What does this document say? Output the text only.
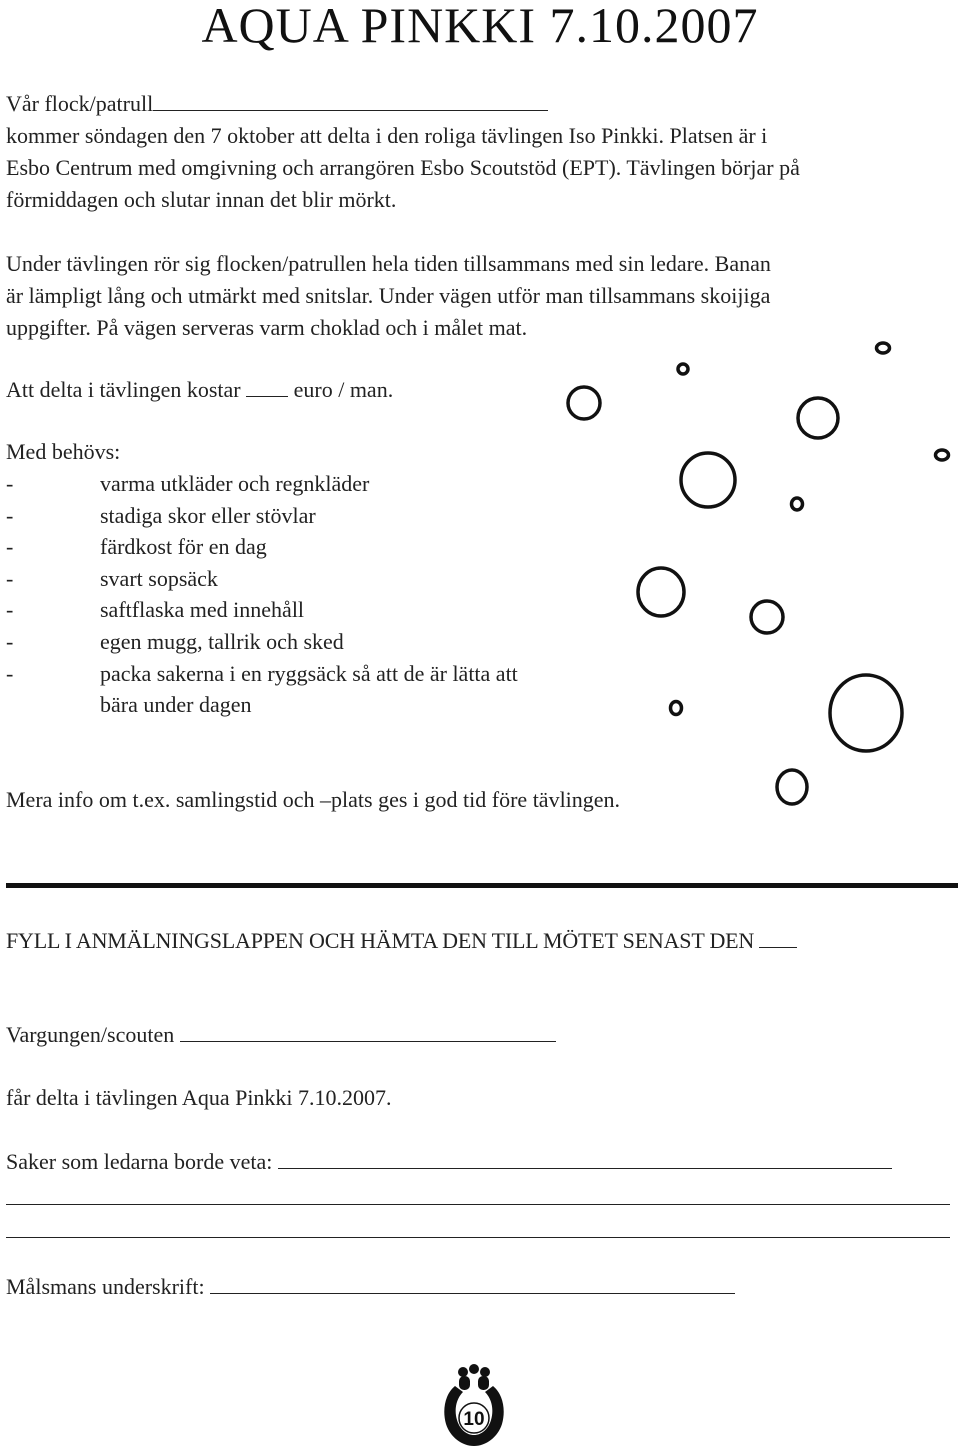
AQUA PINKKI 7.10.2007

Vår flock/patrull

kommer söndagen den 7 oktober att delta i den roliga tävlingen Iso Pinkki. Platsen är i

Esbo Centrum med omgivning och arrangören Esbo Scoutstöd (EPT). Tävlingen börjar på

förmiddagen och slutar innan det blir mörkt.

Under tävlingen rör sig flocken/patrullen hela tiden tillsammans med sin ledare. Banan

är lämpligt lång och utmärkt med snitslar. Under vägen utför man tillsammans skoijiga

uppgifter. På vägen serveras varm choklad och i målet mat.

Att delta i tävlingen kostar euro / man.

Med behövs:

-	varma utkläder och regnkläder
-	stadiga skor eller stövlar
-	färdkost för en dag
-	svart sopsäck
-	saftflaska med innehåll
-	egen mugg, tallrik och sked
-	packa sakerna i en ryggsäck så att de är lätta att
bära under dagen

Mera info om t.ex. samlingstid och –plats ges i god tid före tävlingen.

FYLL I ANMÄLNINGSLAPPEN OCH HÄMTA DEN TILL MÖTET SENAST DEN

Vargungen/scouten

får delta i tävlingen Aqua Pinkki 7.10.2007.

Saker som ledarna borde veta:

Målsmans underskrift:

10
